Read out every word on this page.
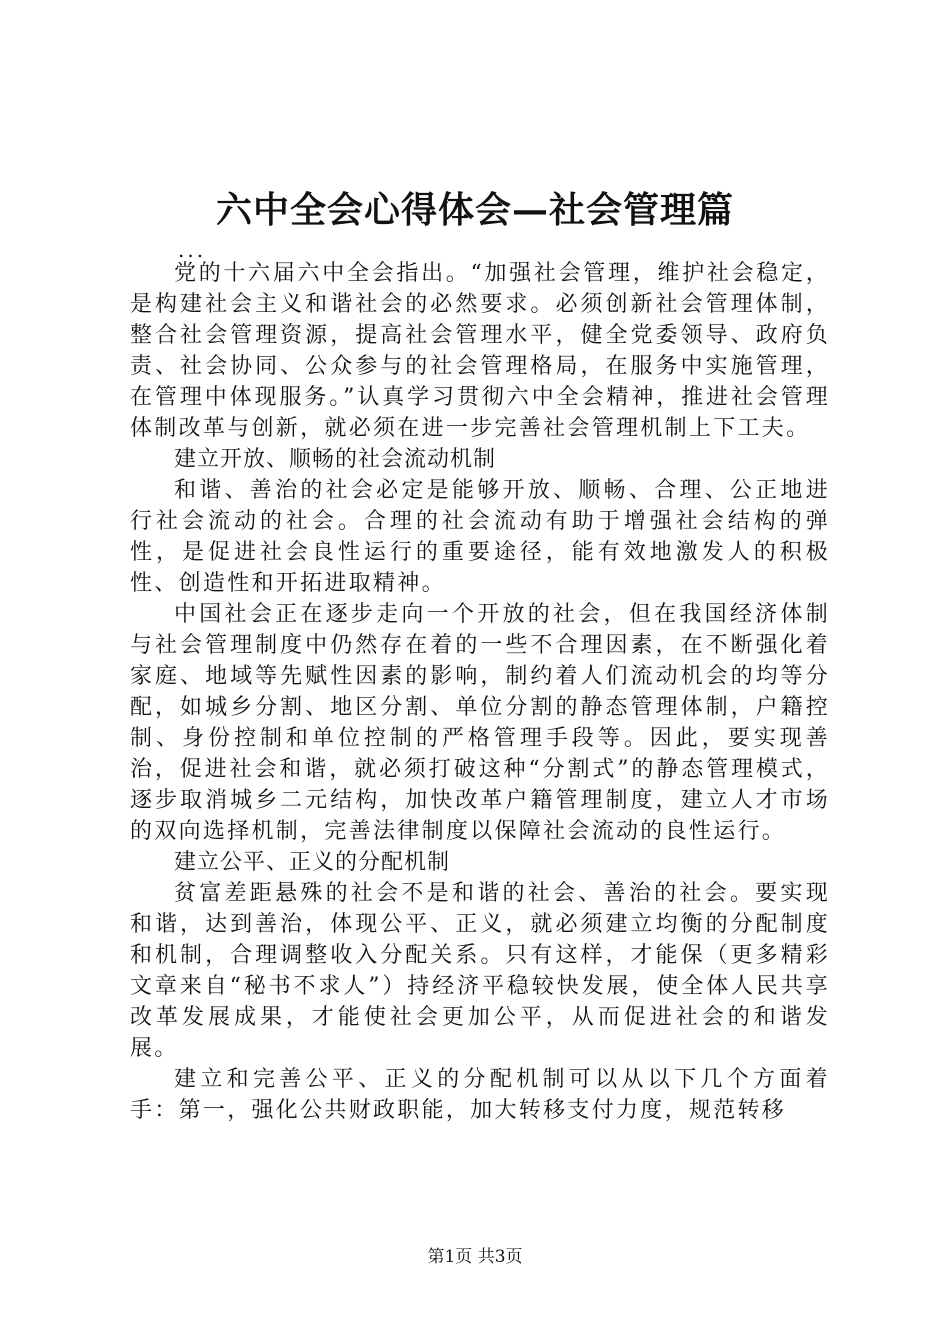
六中全会心得体会—社会管理篇
...

党的十六届六中全会指出。“加强社会管理，维护社会稳定，是构建社会主义和谐社会的必然要求。必须创新社会管理体制，整合社会管理资源，提高社会管理水平，健全党委领导、政府负责、社会协同、公众参与的社会管理格局，在服务中实施管理，在管理中体现服务。”认真学习贯彻六中全会精神，推进社会管理体制改革与创新，就必须在进一步完善社会管理机制上下工夫。

建立开放、顺畅的社会流动机制

和谐、善治的社会必定是能够开放、顺畅、合理、公正地进行社会流动的社会。合理的社会流动有助于增强社会结构的弹性，是促进社会良性运行的重要途径，能有效地激发人的积极性、创造性和开拓进取精神。

中国社会正在逐步走向一个开放的社会，但在我国经济体制与社会管理制度中仍然存在着的一些不合理因素，在不断强化着家庭、地域等先赋性因素的影响，制约着人们流动机会的均等分配，如城乡分割、地区分割、单位分割的静态管理体制，户籍控制、身份控制和单位控制的严格管理手段等。因此，要实现善治，促进社会和谐，就必须打破这种“分割式”的静态管理模式，逐步取消城乡二元结构，加快改革户籍管理制度，建立人才市场的双向选择机制，完善法律制度以保障社会流动的良性运行。

建立公平、正义的分配机制

贫富差距悬殊的社会不是和谐的社会、善治的社会。要实现和谐，达到善治，体现公平、正义，就必须建立均衡的分配制度和机制，合理调整收入分配关系。只有这样，才能保（更多精彩文章来自“秘书不求人”）持经济平稳较快发展，使全体人民共享改革发展成果，才能使社会更加公平，从而促进社会的和谐发展。

建立和完善公平、正义的分配机制可以从以下几个方面着手：第一，强化公共财政职能，加大转移支付力度，规范转移

第1页 共3页
